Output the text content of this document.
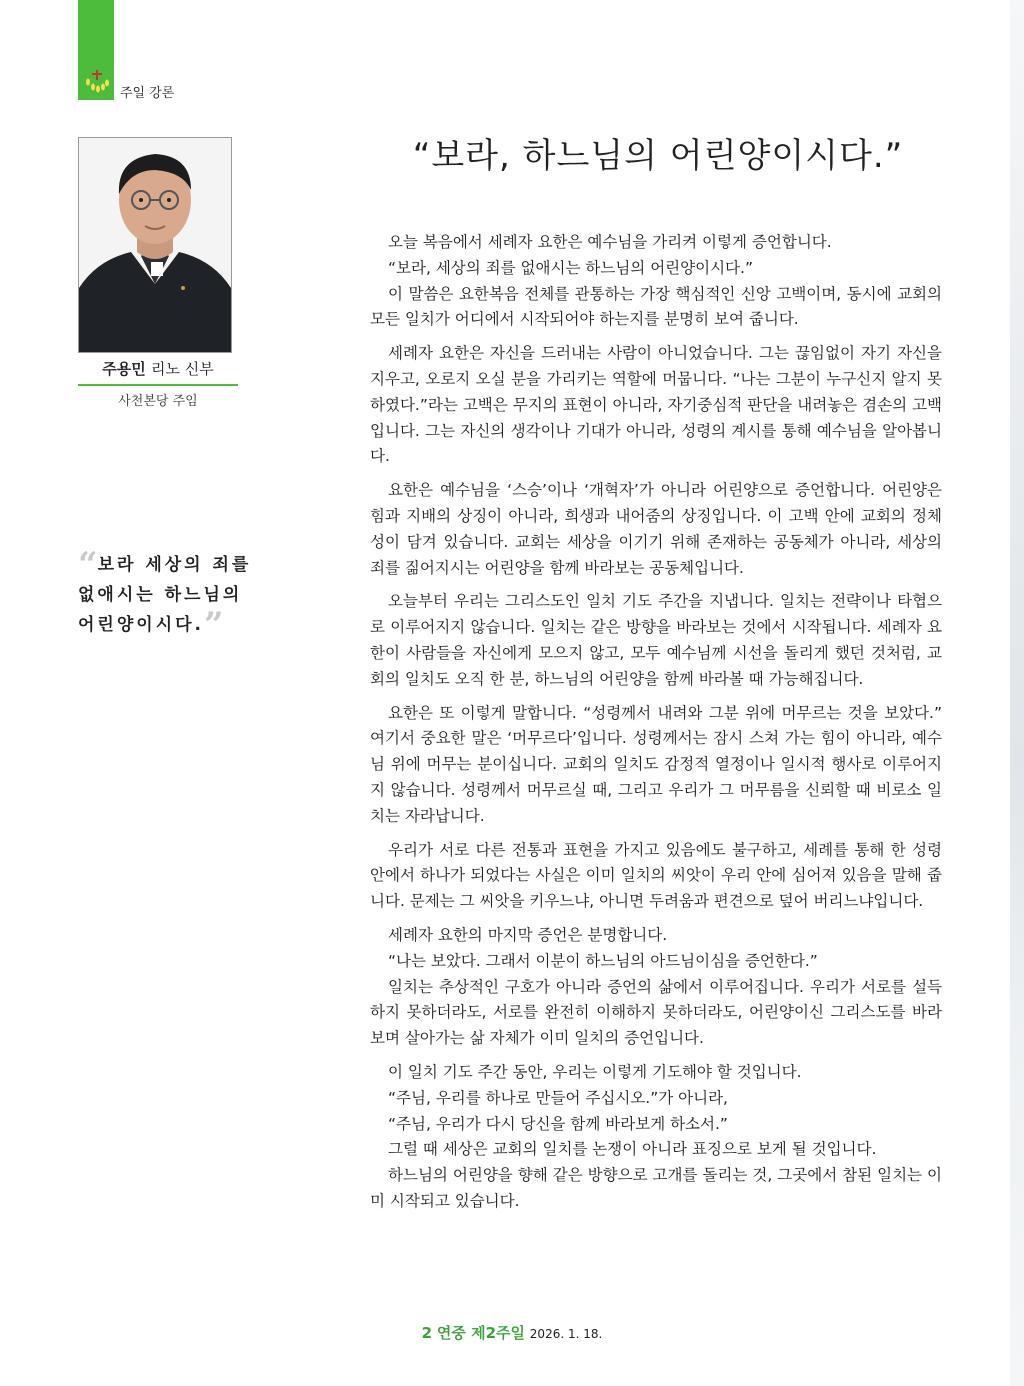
주일 강론
주용민 리노 신부
사천본당 주임
“보라 세상의 죄를 없애시는 하느님의 어린양이시다.”
“보라, 하느님의 어린양이시다.”

오늘 복음에서 세례자 요한은 예수님을 가리켜 이렇게 증언합니다.
“보라, 세상의 죄를 없애시는 하느님의 어린양이시다.”
이 말씀은 요한복음 전체를 관통하는 가장 핵심적인 신앙 고백이며, 동시에 교회의 모든 일치가 어디에서 시작되어야 하는지를 분명히 보여 줍니다.

세례자 요한은 자신을 드러내는 사람이 아니었습니다. 그는 끊임없이 자기 자신을 지우고, 오로지 오실 분을 가리키는 역할에 머뭅니다. “나는 그분이 누구신지 알지 못하였다.”라는 고백은 무지의 표현이 아니라, 자기중심적 판단을 내려놓은 겸손의 고백입니다. 그는 자신의 생각이나 기대가 아니라, 성령의 계시를 통해 예수님을 알아봅니다.

요한은 예수님을 ‘스승’이나 ‘개혁자’가 아니라 어린양으로 증언합니다. 어린양은 힘과 지배의 상징이 아니라, 희생과 내어줌의 상징입니다. 이 고백 안에 교회의 정체성이 담겨 있습니다. 교회는 세상을 이기기 위해 존재하는 공동체가 아니라, 세상의 죄를 짊어지시는 어린양을 함께 바라보는 공동체입니다.

오늘부터 우리는 그리스도인 일치 기도 주간을 지냅니다. 일치는 전략이나 타협으로 이루어지지 않습니다. 일치는 같은 방향을 바라보는 것에서 시작됩니다. 세례자 요한이 사람들을 자신에게 모으지 않고, 모두 예수님께 시선을 돌리게 했던 것처럼, 교회의 일치도 오직 한 분, 하느님의 어린양을 함께 바라볼 때 가능해집니다.

요한은 또 이렇게 말합니다. “성령께서 내려와 그분 위에 머무르는 것을 보았다.” 여기서 중요한 말은 ‘머무르다’입니다. 성령께서는 잠시 스쳐 가는 힘이 아니라, 예수님 위에 머무는 분이십니다. 교회의 일치도 감정적 열정이나 일시적 행사로 이루어지지 않습니다. 성령께서 머무르실 때, 그리고 우리가 그 머무름을 신뢰할 때 비로소 일치는 자라납니다.

우리가 서로 다른 전통과 표현을 가지고 있음에도 불구하고, 세례를 통해 한 성령 안에서 하나가 되었다는 사실은 이미 일치의 씨앗이 우리 안에 심어져 있음을 말해 줍니다. 문제는 그 씨앗을 키우느냐, 아니면 두려움과 편견으로 덮어 버리느냐입니다.

세례자 요한의 마지막 증언은 분명합니다.
“나는 보았다. 그래서 이분이 하느님의 아드님이심을 증언한다.”
일치는 추상적인 구호가 아니라 증언의 삶에서 이루어집니다. 우리가 서로를 설득하지 못하더라도, 서로를 완전히 이해하지 못하더라도, 어린양이신 그리스도를 바라보며 살아가는 삶 자체가 이미 일치의 증언입니다.

이 일치 기도 주간 동안, 우리는 이렇게 기도해야 할 것입니다.
“주님, 우리를 하나로 만들어 주십시오.”가 아니라,
“주님, 우리가 다시 당신을 함께 바라보게 하소서.”
그럴 때 세상은 교회의 일치를 논쟁이 아니라 표징으로 보게 될 것입니다.
하느님의 어린양을 향해 같은 방향으로 고개를 돌리는 것, 그곳에서 참된 일치는 이미 시작되고 있습니다.

2 연중 제2주일 2026. 1. 18.
